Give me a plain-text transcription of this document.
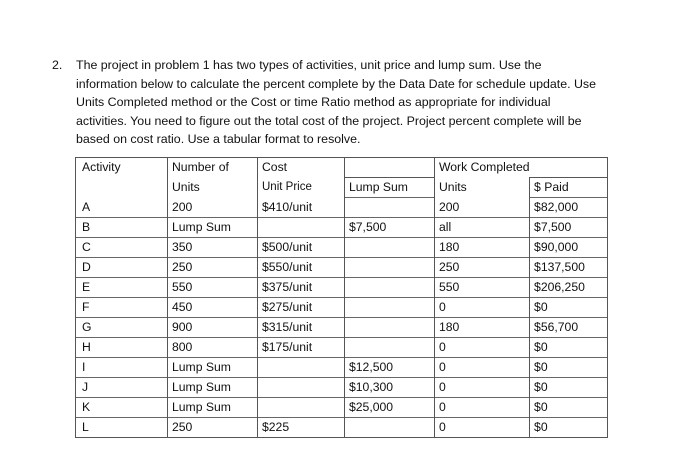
2. The project in problem 1 has two types of activities, unit price and lump sum. Use the
information below to calculate the percent complete by the Data Date for schedule update. Use
Units Completed method or the Cost or time Ratio method as appropriate for individual
activities. You need to figure out the total cost of the project. Project percent complete will be
based on cost ratio. Use a tabular format to resolve.
Activity	Number of	Cost		Work Completed	
	Units	Unit Price	Lump Sum	Units	$ Paid
A	200	$410/unit		200	$82,000
B	Lump Sum		$7,500	all	$7,500
C	350	$500/unit		180	$90,000
D	250	$550/unit		250	$137,500
E	550	$375/unit		550	$206,250
F	450	$275/unit		0	$0
G	900	$315/unit		180	$56,700
H	800	$175/unit		0	$0
I	Lump Sum		$12,500	0	$0
J	Lump Sum		$10,300	0	$0
K	Lump Sum		$25,000	0	$0
L	250	$225		0	$0
